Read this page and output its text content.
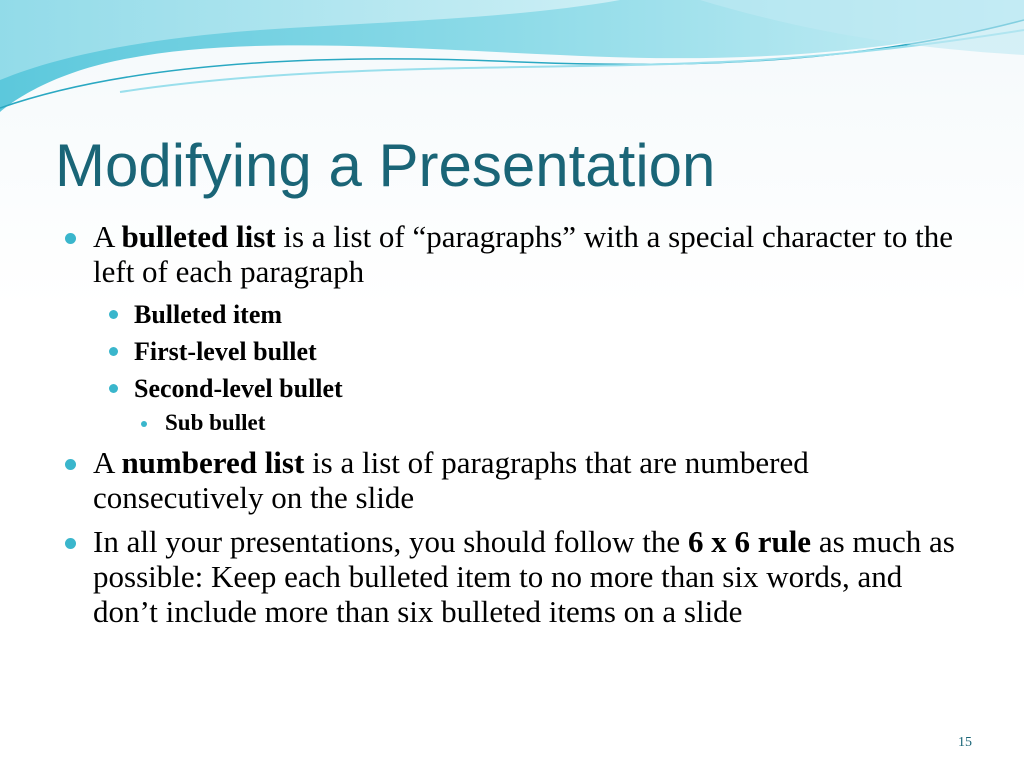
Modifying a Presentation
A bulleted list is a list of “paragraphs” with a special character to the left of each paragraph
Bulleted item
First-level bullet
Second-level bullet
Sub bullet
A numbered list is a list of paragraphs that are numbered consecutively on the slide
In all your presentations, you should follow the 6 x 6 rule as much as possible: Keep each bulleted item to no more than six words, and don’t include more than six bulleted items on a slide
15
